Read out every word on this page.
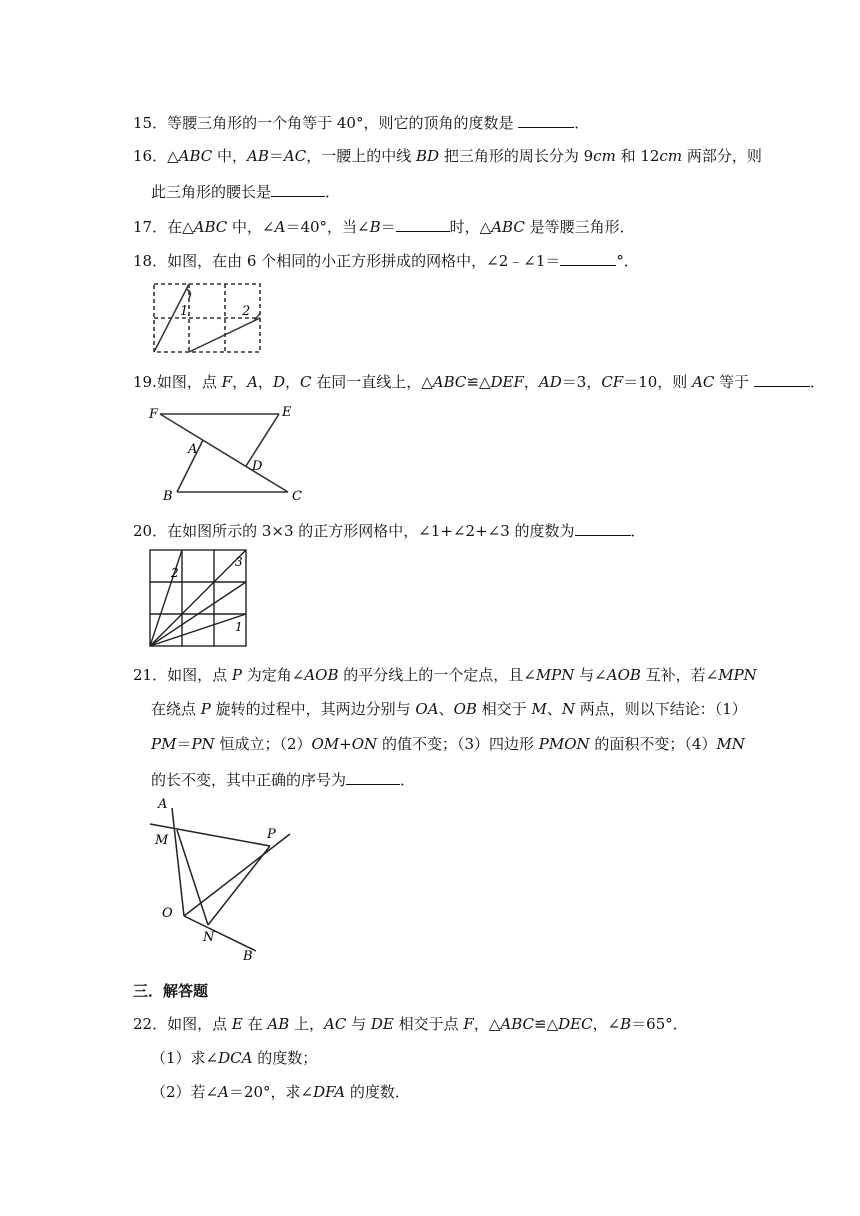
15．等腰三角形的一个角等于 40°，则它的顶角的度数是	．
16．△ABC 中，AB＝AC，一腰上的中线 BD 把三角形的周长分为 9cm 和 12cm 两部分，则
此三角形的腰长是	．
17．在△ABC 中，∠A＝40°，当∠B＝	时，△ABC 是等腰三角形．
18．如图，在由 6 个相同的小正方形拼成的网格中，∠2﹣∠1＝	°．
1	2
19.如图，点 F，A，D，C 在同一直线上，△ABC≌△DEF，AD＝3，CF＝10，则 AC 等于	．
F	E
A
D
B	C
20．在如图所示的 3×3 的正方形网格中，∠1+∠2+∠3 的度数为	．
2
3
1
21．如图，点 P 为定角∠AOB 的平分线上的一个定点，且∠MPN 与∠AOB 互补，若∠MPN
在绕点 P 旋转的过程中，其两边分别与 OA、OB 相交于 M、N 两点，则以下结论：（1）
PM＝PN 恒成立；（2）OM+ON 的值不变；（3）四边形 PMON 的面积不变；（4）MN
的长不变，其中正确的序号为	．
A
M	P
O
N
B
三．解答题
22．如图，点 E 在 AB 上，AC 与 DE 相交于点 F，△ABC≌△DEC，∠B＝65°．
（1）求∠DCA 的度数；
（2）若∠A＝20°，求∠DFA 的度数．
